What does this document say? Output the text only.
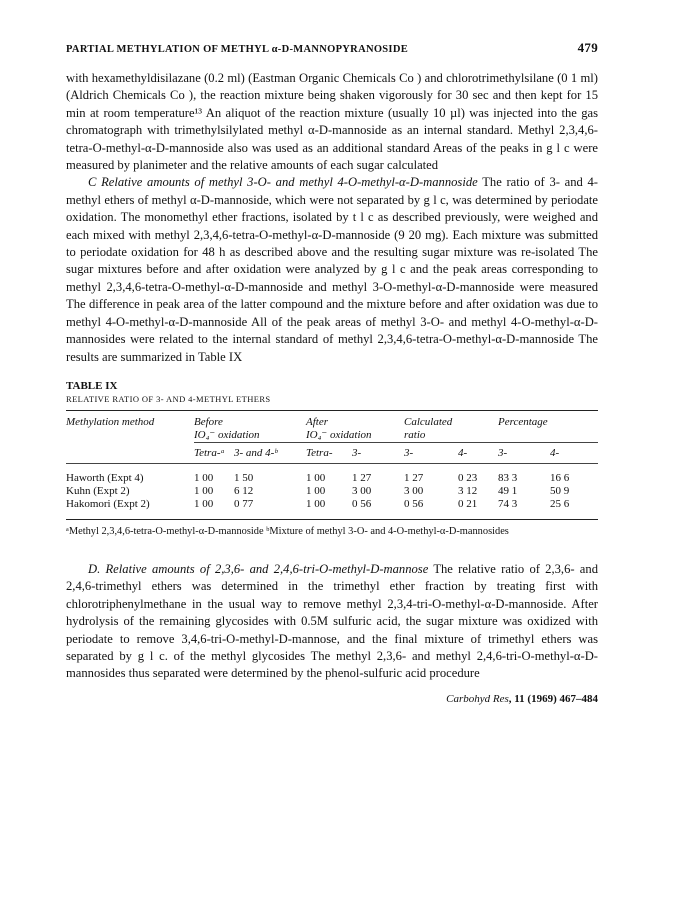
PARTIAL METHYLATION OF METHYL α-D-MANNOPYRANOSIDE	479

with hexamethyldisilazane (0.2 ml) (Eastman Organic Chemicals Co ) and chlorotrimethylsilane (0 1 ml) (Aldrich Chemicals Co ), the reaction mixture being shaken vigorously for 30 sec and then kept for 15 min at room temperature¹³ An aliquot of the reaction mixture (usually 10 µl) was injected into the gas chromatograph with trimethylsilylated methyl α-D-mannoside as an internal standard. Methyl 2,3,4,6-tetra-O-methyl-α-D-mannoside also was used as an additional standard Areas of the peaks in g l c were measured by planimeter and the relative amounts of each sugar calculated

C Relative amounts of methyl 3-O- and methyl 4-O-methyl-α-D-mannoside The ratio of 3- and 4-methyl ethers of methyl α-D-mannoside, which were not separated by g l c, was determined by periodate oxidation. The monomethyl ether fractions, isolated by t l c as described previously, were weighed and each mixed with methyl 2,3,4,6-tetra-O-methyl-α-D-mannoside (9 20 mg). Each mixture was submitted to periodate oxidation for 48 h as described above and the resulting sugar mixture was re-isolated The sugar mixtures before and after oxidation were analyzed by g l c and the peak areas corresponding to methyl 2,3,4,6-tetra-O-methyl-α-D-mannoside and methyl 3-O-methyl-α-D-mannoside were measured The difference in peak area of the latter compound and the mixture before and after oxidation was due to methyl 4-O-methyl-α-D-mannoside All of the peak areas of methyl 3-O- and methyl 4-O-methyl-α-D-mannosides were related to the internal standard of methyl 2,3,4,6-tetra-O-methyl-α-D-mannoside The results are summarized in Table IX

TABLE IX
RELATIVE RATIO OF 3- AND 4-METHYL ETHERS
Methylation method	Before
IO₄⁻ oxidation		After
IO₄⁻ oxidation		Calculated
ratio		Percentage	
	Tetra-ᵃ	3- and 4-ᵇ	Tetra-	3-	3-	4-	3-	4-
Haworth (Expt 4)	1 00	1 50	1 00	1 27	1 27	0 23	83 3	16 6
Kuhn (Expt 2)	1 00	6 12	1 00	3 00	3 00	3 12	49 1	50 9
Hakomori (Expt 2)	1 00	0 77	1 00	0 56	0 56	0 21	74 3	25 6
ᵃMethyl 2,3,4,6-tetra-O-methyl-α-D-mannoside ᵇMixture of methyl 3-O- and 4-O-methyl-α-D-mannosides

D. Relative amounts of 2,3,6- and 2,4,6-tri-O-methyl-D-mannose The relative ratio of 2,3,6- and 2,4,6-trimethyl ethers was determined in the trimethyl ether fraction by treating first with chlorotriphenylmethane in the usual way to remove methyl 2,3,4-tri-O-methyl-α-D-mannoside. After hydrolysis of the remaining glycosides with 0.5M sulfuric acid, the sugar mixture was oxidized with periodate to remove 3,4,6-tri-O-methyl-D-mannose, and the final mixture of trimethyl ethers was separated by g l c. of the methyl glycosides The methyl 2,3,6- and methyl 2,4,6-tri-O-methyl-α-D-mannosides thus separated were determined by the phenol-sulfuric acid procedure

Carbohyd Res, 11 (1969) 467–484
